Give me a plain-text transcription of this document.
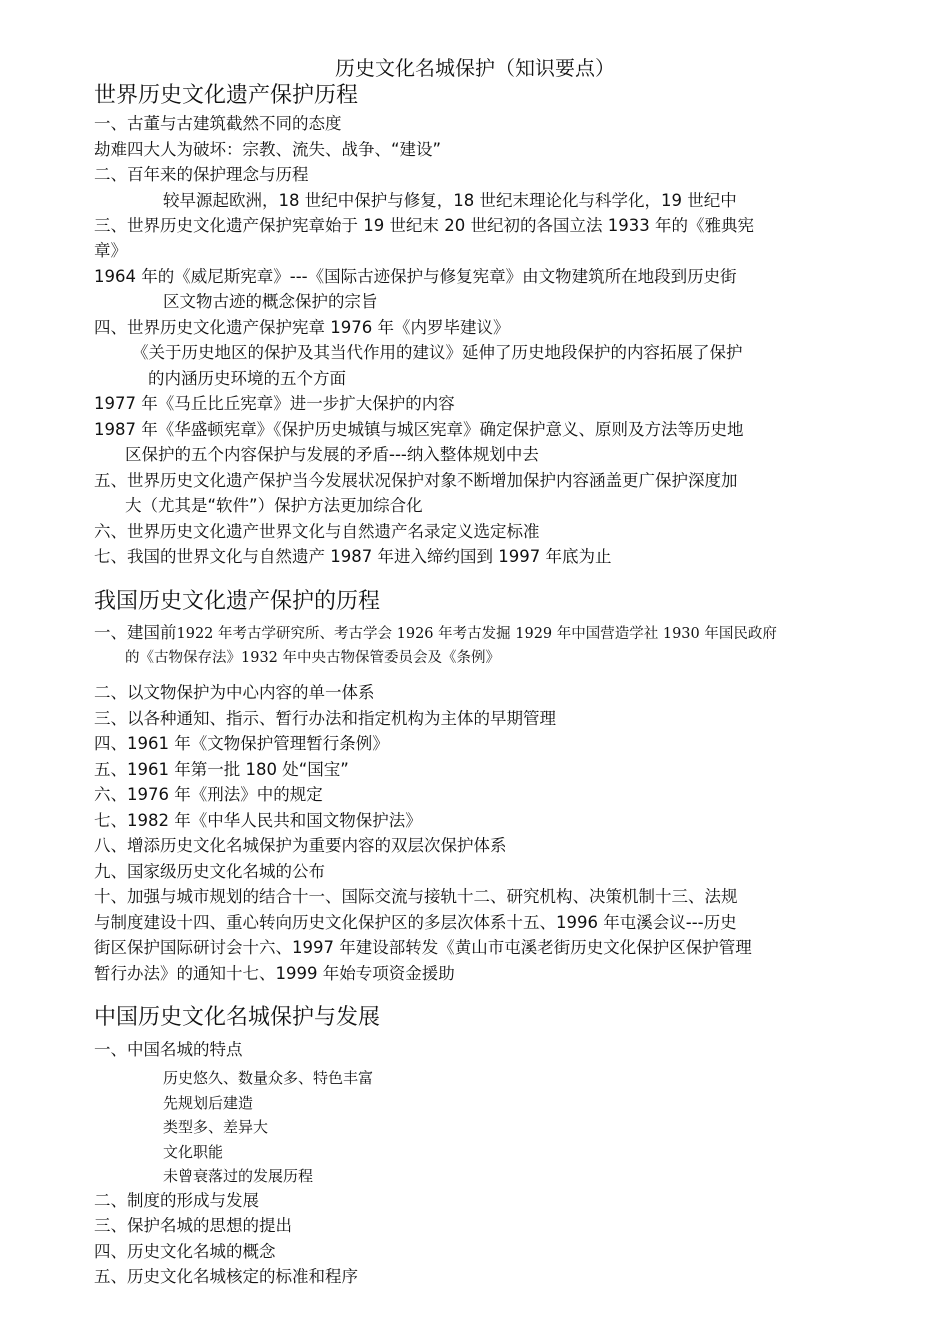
历史文化名城保护（知识要点）
世界历史文化遗产保护历程
一、古董与古建筑截然不同的态度
劫难四大人为破坏：宗教、流失、战争、“建设”
二、百年来的保护理念与历程
较早源起欧洲，18 世纪中保护与修复，18 世纪末理论化与科学化，19 世纪中
三、世界历史文化遗产保护宪章始于 19 世纪末 20 世纪初的各国立法 1933 年的《雅典宪
章》
1964 年的《威尼斯宪章》---《国际古迹保护与修复宪章》由文物建筑所在地段到历史街
区文物古迹的概念保护的宗旨
四、世界历史文化遗产保护宪章 1976 年《内罗毕建议》
《关于历史地区的保护及其当代作用的建议》延伸了历史地段保护的内容拓展了保护
的内涵历史环境的五个方面
1977 年《马丘比丘宪章》进一步扩大保护的内容
1987 年《华盛顿宪章》《保护历史城镇与城区宪章》确定保护意义、原则及方法等历史地
区保护的五个内容保护与发展的矛盾---纳入整体规划中去
五、世界历史文化遗产保护当今发展状况保护对象不断增加保护内容涵盖更广保护深度加
大（尤其是“软件”）保护方法更加综合化
六、世界历史文化遗产世界文化与自然遗产名录定义选定标准
七、我国的世界文化与自然遗产 1987 年进入缔约国到 1997 年底为止
我国历史文化遗产保护的历程
一、建国前1922 年考古学研究所、考古学会 1926 年考古发掘 1929 年中国营造学社 1930 年国民政府
的《古物保存法》1932 年中央古物保管委员会及《条例》
二、以文物保护为中心内容的单一体系
三、以各种通知、指示、暂行办法和指定机构为主体的早期管理
四、1961 年《文物保护管理暂行条例》
五、1961 年第一批 180 处“国宝”
六、1976 年《刑法》中的规定
七、1982 年《中华人民共和国文物保护法》
八、增添历史文化名城保护为重要内容的双层次保护体系
九、国家级历史文化名城的公布
十、加强与城市规划的结合十一、国际交流与接轨十二、研究机构、决策机制十三、法规
与制度建设十四、重心转向历史文化保护区的多层次体系十五、1996 年屯溪会议---历史
街区保护国际研讨会十六、1997 年建设部转发《黄山市屯溪老街历史文化保护区保护管理
暂行办法》的通知十七、1999 年始专项资金援助
中国历史文化名城保护与发展
一、中国名城的特点
历史悠久、数量众多、特色丰富
先规划后建造
类型多、差异大
文化职能
未曾衰落过的发展历程
二、制度的形成与发展
三、保护名城的思想的提出
四、历史文化名城的概念
五、历史文化名城核定的标准和程序
